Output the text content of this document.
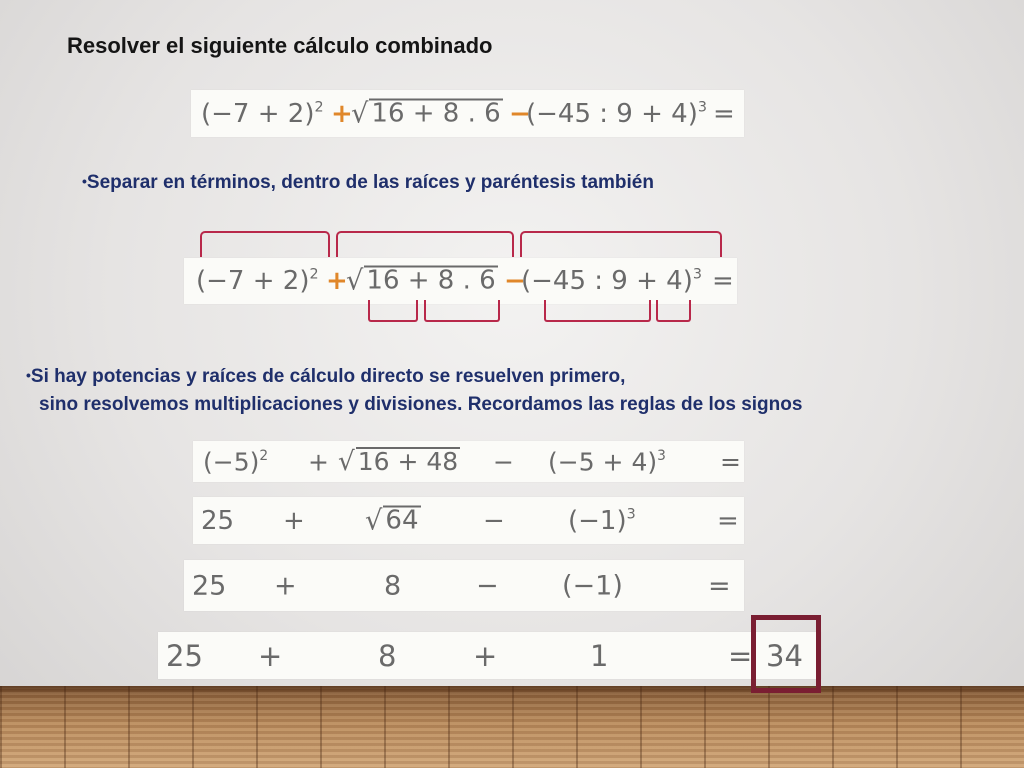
Resolver el siguiente cálculo combinado
$(-7 + 2)^2$ +
√ 16 + 8 . 6 −
(−45 : 9 + 4)$^3$ =

•Separar en términos, dentro de las raíces y paréntesis también

$(-7 + 2)^2$ +
√ 16 + 8 . 6 −
(−45 : 9 + 4)$^3$ =

•Si hay potencias y raíces de cálculo directo se resuelven primero,

sino resolvemos multiplicaciones y divisiones. Recordamos las reglas de los signos

$(-5)^2$ + √ $16 + 48 - (-5 + 4)^3$ =
25 + √ $64 - (-1)^3$	=
25 +	8	− (−1)	=
25 +	8	+	1	= 34
